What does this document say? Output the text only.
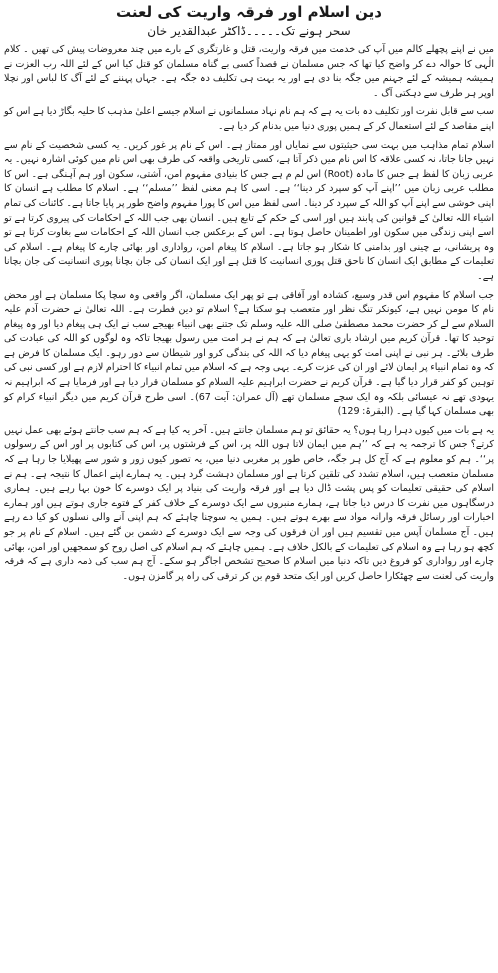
دین اسلام اور فرقہ واریت کی لعنت
سحر ہونے تک۔۔۔۔۔ڈاکٹر عبدالقدیر خان

میں نے اپنے پچھلے کالم میں آپ کی خدمت میں فرقہ واریت، قتل و غارتگری کے بارے میں چند معروضات پیش کی تھیں ۔ کلام الٰہی کا حوالہ دے کر واضح کیا تھا کہ جس مسلمان نے قصداً کسی بے گناہ مسلمان کو قتل کیا اس کے لئے اللہ رب العزت نے ہمیشہ ہمیشہ کے لئے جہنم میں جگہ بنا دی ہے اور یہ بہت ہی تکلیف دہ جگہ ہے۔ جہاں پہننے کے لئے آگ کا لباس اور نچلا اوپر ہر طرف سے دہکتی آگ ۔

سب سے قابل نفرت اور تکلیف دہ بات یہ ہے کہ ہم نام نہاد مسلمانوں نے اسلام جیسے اعلیٰ مذہب کا حلیہ بگاڑ دیا ہے اس کو اپنے مقاصد کے لئے استعمال کر کے ہمیں پوری دنیا میں بدنام کر دیا ہے۔

اسلام تمام مذاہب میں بہت سی حیثیتوں سے نمایاں اور ممتاز ہے۔ اس کے نام پر غور کریں۔ یہ کسی شخصیت کے نام سے نہیں جانا جاتا، نہ کسی علاقہ کا اس نام میں ذکر آتا ہے، کسی تاریخی واقعہ کی طرف بھی اس نام میں کوئی اشارہ نہیں۔ یہ عربی زبان کا لفظ ہے جس کا مادہ (Root) اس لم م ہے جس کا بنیادی مفہوم امن، آشتی، سکون اور ہم آہنگی ہے۔ اس کا مطلب عربی زبان میں ’’اپنے آپ کو سپرد کر دینا‘‘ ہے۔ اسی کا ہم معنی لفظ ’’مسلم‘‘ ہے۔ اسلام کا مطلب ہے انسان کا اپنی خوشی سے اپنے آپ کو اللہ کے سپرد کر دینا۔ اسی لفظ میں اس کا پورا مفہوم واضح طور پر پایا جاتا ہے۔ کائنات کی تمام اشیاء اللہ تعالیٰ کے قوانین کی پابند ہیں اور اسی کے حکم کے تابع ہیں۔ انسان بھی جب اللہ کے احکامات کی پیروی کرتا ہے تو اسے اپنی زندگی میں سکون اور اطمینان حاصل ہوتا ہے۔ اس کے برعکس جب انسان اللہ کے احکامات سے بغاوت کرتا ہے تو وہ پریشانی، بے چینی اور بدامنی کا شکار ہو جاتا ہے۔ اسلام کا پیغام امن، رواداری اور بھائی چارے کا پیغام ہے۔ اسلام کی تعلیمات کے مطابق ایک انسان کا ناحق قتل پوری انسانیت کا قتل ہے اور ایک انسان کی جان بچانا پوری انسانیت کی جان بچانا ہے۔

جب اسلام کا مفہوم اس قدر وسیع، کشادہ اور آفاقی ہے تو پھر ایک مسلمان، اگر واقعی وہ سچا پکا مسلمان ہے اور محض نام کا مومن نہیں ہے، کیونکر تنگ نظر اور متعصب ہو سکتا ہے؟ اسلام تو دین فطرت ہے۔ اللہ تعالیٰ نے حضرت آدم علیہ السلام سے لے کر حضرت محمد مصطفیٰ صلی اللہ علیہ وسلم تک جتنے بھی انبیاء بھیجے سب نے ایک ہی پیغام دیا اور وہ پیغام توحید کا تھا۔ قرآن کریم میں ارشاد باری تعالیٰ ہے کہ ہم نے ہر امت میں رسول بھیجا تاکہ وہ لوگوں کو اللہ کی عبادت کی طرف بلائے۔ ہر نبی نے اپنی امت کو یہی پیغام دیا کہ اللہ کی بندگی کرو اور شیطان سے دور رہو۔ ایک مسلمان کا فرض ہے کہ وہ تمام انبیاء پر ایمان لائے اور ان کی عزت کرے۔ یہی وجہ ہے کہ اسلام میں تمام انبیاء کا احترام لازم ہے اور کسی نبی کی توہین کو کفر قرار دیا گیا ہے۔ قرآن کریم نے حضرت ابراہیم علیہ السلام کو مسلمان قرار دیا ہے اور فرمایا ہے کہ ابراہیم نہ یہودی تھے نہ عیسائی بلکہ وہ ایک سچے مسلمان تھے (آل عمران: آیت 67)۔ اسی طرح قرآن کریم میں دیگر انبیاء کرام کو بھی مسلمان کہا گیا ہے۔ (البقرۃ: 129)

یہ ہے بات میں کیوں دہرا رہا ہوں؟ یہ حقائق تو ہم مسلمان جانتے ہیں۔ آخر یہ کیا ہے کہ ہم سب جانتے ہوئے بھی عمل نہیں کرتے؟ جس کا ترجمہ یہ ہے کہ ’’ہم میں ایمان لاتا ہوں اللہ پر، اس کے فرشتوں پر، اس کی کتابوں پر اور اس کے رسولوں پر‘‘۔ ہم کو معلوم ہے کہ آج کل ہر جگہ، خاص طور پر مغربی دنیا میں، یہ تصور کیوں زور و شور سے پھیلایا جا رہا ہے کہ مسلمان متعصب ہیں، اسلام تشدد کی تلقین کرتا ہے اور مسلمان دہشت گرد ہیں۔ یہ ہمارے اپنے اعمال کا نتیجہ ہے۔ ہم نے اسلام کی حقیقی تعلیمات کو پس پشت ڈال دیا ہے اور فرقہ واریت کی بنیاد پر ایک دوسرے کا خون بہا رہے ہیں۔ ہماری درسگاہوں میں نفرت کا درس دیا جاتا ہے، ہمارے منبروں سے ایک دوسرے کے خلاف کفر کے فتوے جاری ہوتے ہیں اور ہمارے اخبارات اور رسائل فرقہ وارانہ مواد سے بھرے ہوتے ہیں۔ ہمیں یہ سوچنا چاہئے کہ ہم اپنی آنے والی نسلوں کو کیا دے رہے ہیں۔ آج مسلمان آپس میں تقسیم ہیں اور ان فرقوں کی وجہ سے ایک دوسرے کے دشمن بن گئے ہیں۔ اسلام کے نام پر جو کچھ ہو رہا ہے وہ اسلام کی تعلیمات کے بالکل خلاف ہے۔ ہمیں چاہئے کہ ہم اسلام کی اصل روح کو سمجھیں اور امن، بھائی چارے اور رواداری کو فروغ دیں تاکہ دنیا میں اسلام کا صحیح تشخص اجاگر ہو سکے۔ آج ہم سب کی ذمہ داری ہے کہ فرقہ واریت کی لعنت سے چھٹکارا حاصل کریں اور ایک متحد قوم بن کر ترقی کی راہ پر گامزن ہوں۔
